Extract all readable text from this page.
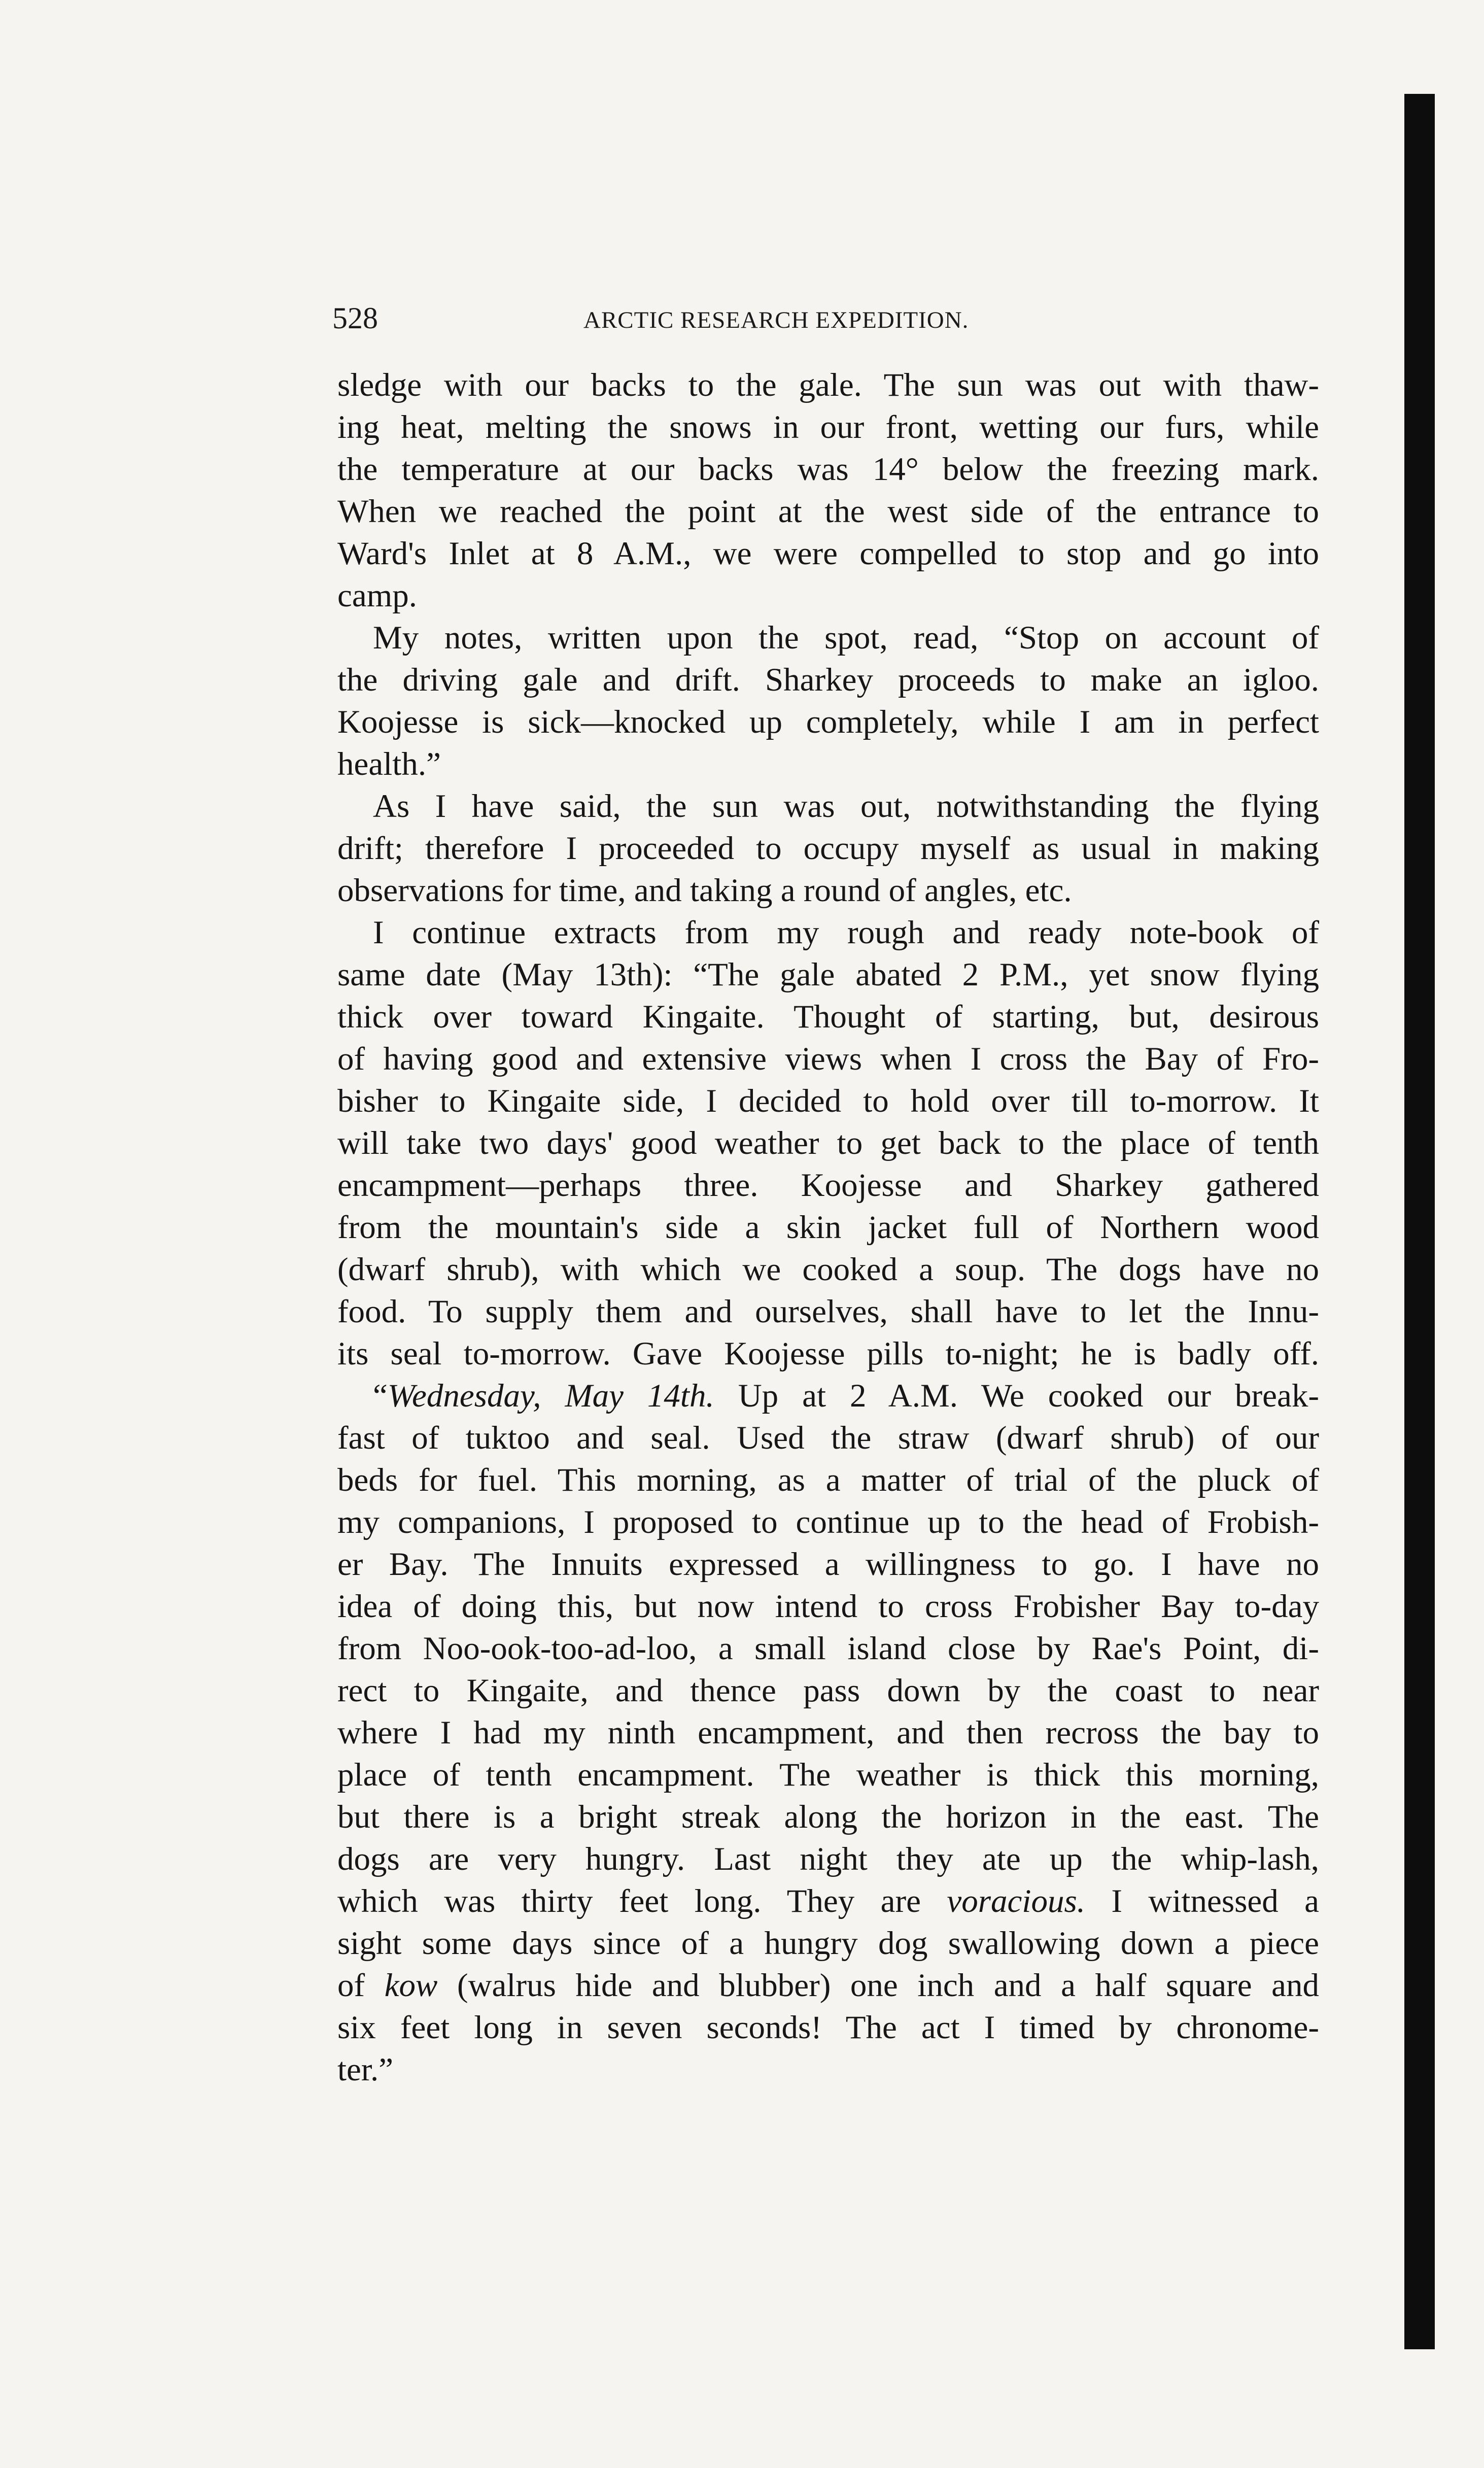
528	ARCTIC RESEARCH EXPEDITION.

sledge with our backs to the gale. The sun was out with thaw-
ing heat, melting the snows in our front, wetting our furs, while
the temperature at our backs was 14° below the freezing mark.
When we reached the point at the west side of the entrance to
Ward's Inlet at 8 A.M., we were compelled to stop and go into
camp.

My notes, written upon the spot, read, “Stop on account of
the driving gale and drift. Sharkey proceeds to make an igloo.
Koojesse is sick—knocked up completely, while I am in perfect
health.”

As I have said, the sun was out, notwithstanding the flying
drift; therefore I proceeded to occupy myself as usual in making
observations for time, and taking a round of angles, etc.

I continue extracts from my rough and ready note-book of
same date (May 13th): “The gale abated 2 P.M., yet snow flying
thick over toward Kingaite. Thought of starting, but, desirous
of having good and extensive views when I cross the Bay of Fro-
bisher to Kingaite side, I decided to hold over till to-morrow. It
will take two days' good weather to get back to the place of tenth
encampment—perhaps three. Koojesse and Sharkey gathered
from the mountain's side a skin jacket full of Northern wood
(dwarf shrub), with which we cooked a soup. The dogs have no
food. To supply them and ourselves, shall have to let the Innu-
its seal to-morrow. Gave Koojesse pills to-night; he is badly off.

“Wednesday, May 14th. Up at 2 A.M. We cooked our break-
fast of tuktoo and seal. Used the straw (dwarf shrub) of our
beds for fuel. This morning, as a matter of trial of the pluck of
my companions, I proposed to continue up to the head of Frobish-
er Bay. The Innuits expressed a willingness to go. I have no
idea of doing this, but now intend to cross Frobisher Bay to-day
from Noo-ook-too-ad-loo, a small island close by Rae's Point, di-
rect to Kingaite, and thence pass down by the coast to near
where I had my ninth encampment, and then recross the bay to
place of tenth encampment. The weather is thick this morning,
but there is a bright streak along the horizon in the east. The
dogs are very hungry. Last night they ate up the whip-lash,
which was thirty feet long. They are voracious. I witnessed a
sight some days since of a hungry dog swallowing down a piece
of kow (walrus hide and blubber) one inch and a half square and
six feet long in seven seconds! The act I timed by chronome-
ter.”
